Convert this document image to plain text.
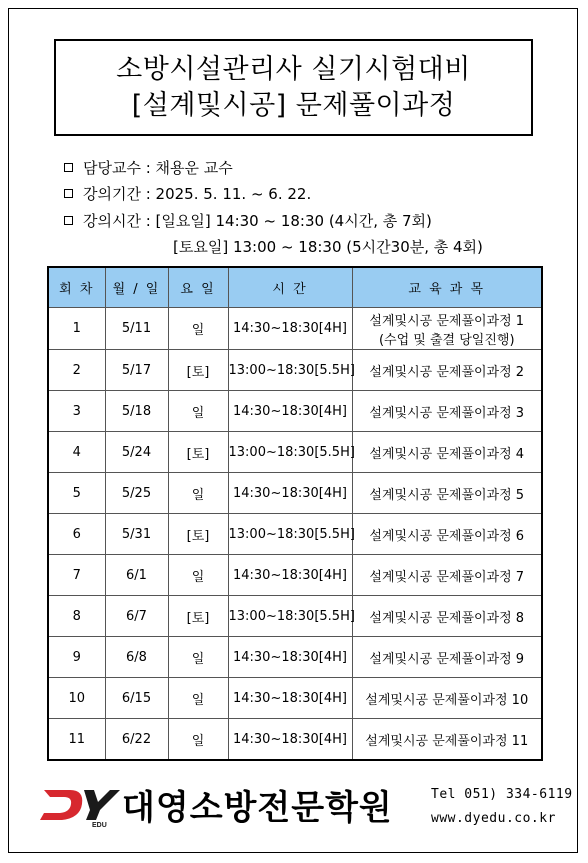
소방시설관리사 실기시험대비
[설계및시공] 문제풀이과정
담당교수 : 채용운 교수
강의기간 : 2025. 5. 11. ~ 6. 22.
강의시간 : [일요일] 14:30 ~ 18:30 (4시간, 총 7회)
[토요일] 13:00 ~ 18:30 (5시간30분, 총 4회)
회 차	월 / 일	요 일	시 간	교 육 과 목
1	5/11	일	14:30~18:30[4H]	설계및시공 문제풀이과정 1
(수업 및 출결 당일진행)

2	5/17	[토]	13:00~18:30[5.5H]	설계및시공 문제풀이과정 2
3	5/18	일	14:30~18:30[4H]	설계및시공 문제풀이과정 3
4	5/24	[토]	13:00~18:30[5.5H]	설계및시공 문제풀이과정 4
5	5/25	일	14:30~18:30[4H]	설계및시공 문제풀이과정 5
6	5/31	[토]	13:00~18:30[5.5H]	설계및시공 문제풀이과정 6
7	6/1	일	14:30~18:30[4H]	설계및시공 문제풀이과정 7
8	6/7	[토]	13:00~18:30[5.5H]	설계및시공 문제풀이과정 8
9	6/8	일	14:30~18:30[4H]	설계및시공 문제풀이과정 9
10	6/15	일	14:30~18:30[4H]	설계및시공 문제풀이과정 10
11	6/22	일	14:30~18:30[4H]	설계및시공 문제풀이과정 11
EDU 대영소방전문학원	Tel 051) 334-6119
www.dyedu.co.kr
